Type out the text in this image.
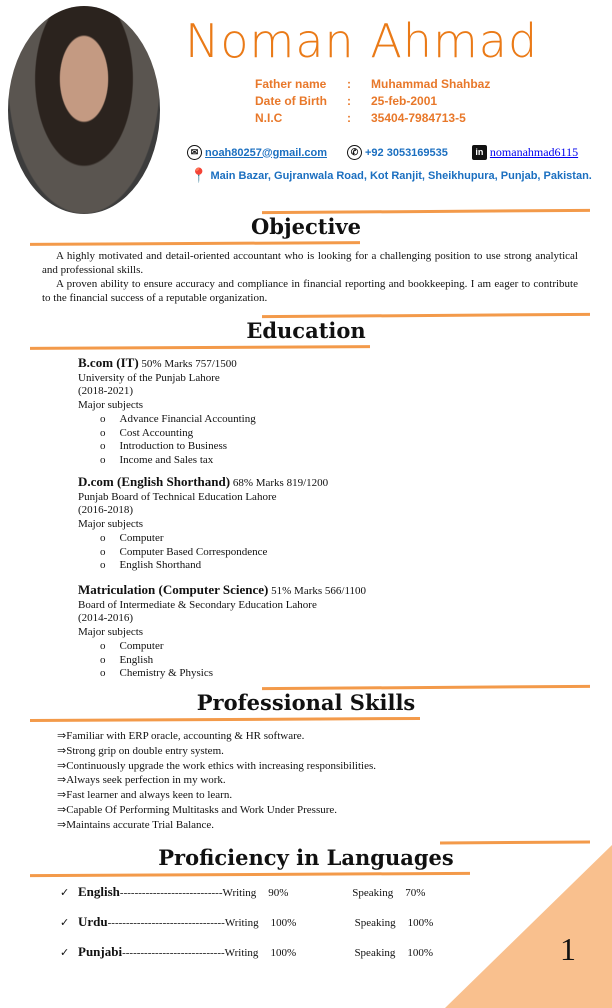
Noman Ahmad
Father name	:	Muhammad Shahbaz
Date of Birth	:	25-feb-2001
N.I.C	:	35404-7984713-5
✉ noah80257@gmail.com	✆ +92 3053169535	in nomanahmad6115
📍 Main Bazar, Gujranwala Road, Kot Ranjit, Sheikhupura, Punjab, Pakistan.
Objective

A highly motivated and detail-oriented accountant who is looking for a challenging position to use strong analytical and professional skills.

A proven ability to ensure accuracy and compliance in financial reporting and bookkeeping. I am eager to contribute to the financial success of a reputable organization.

Education
B.com (IT) 50% Marks 757/1500
University of the Punjab Lahore
(2018-2021)
Major subjects
o Advance Financial Accounting
o Cost Accounting
o Introduction to Business
o Income and Sales tax
D.com (English Shorthand) 68% Marks 819/1200
Punjab Board of Technical Education Lahore
(2016-2018)
Major subjects
o Computer
o Computer Based Correspondence
o English Shorthand
Matriculation (Computer Science) 51% Marks 566/1100
Board of Intermediate & Secondary Education Lahore
(2014-2016)
Major subjects
o Computer
o English
o Chemistry & Physics
Professional Skills
⇒Familiar with ERP oracle, accounting & HR software.
⇒Strong grip on double entry system.
⇒Continuously upgrade the work ethics with increasing responsibilities.
⇒Always seek perfection in my work.
⇒Fast learner and always keen to learn.
⇒Capable Of Performing Multitasks and Work Under Pressure.
⇒Maintains accurate Trial Balance.
Proficiency in Languages
✓ English ---------------------------- Writing 90%	Speaking 70%
✓ Urdu -------------------------------- Writing 100%	Speaking 100%
✓ Punjabi ---------------------------- Writing 100%	Speaking 100%	1
